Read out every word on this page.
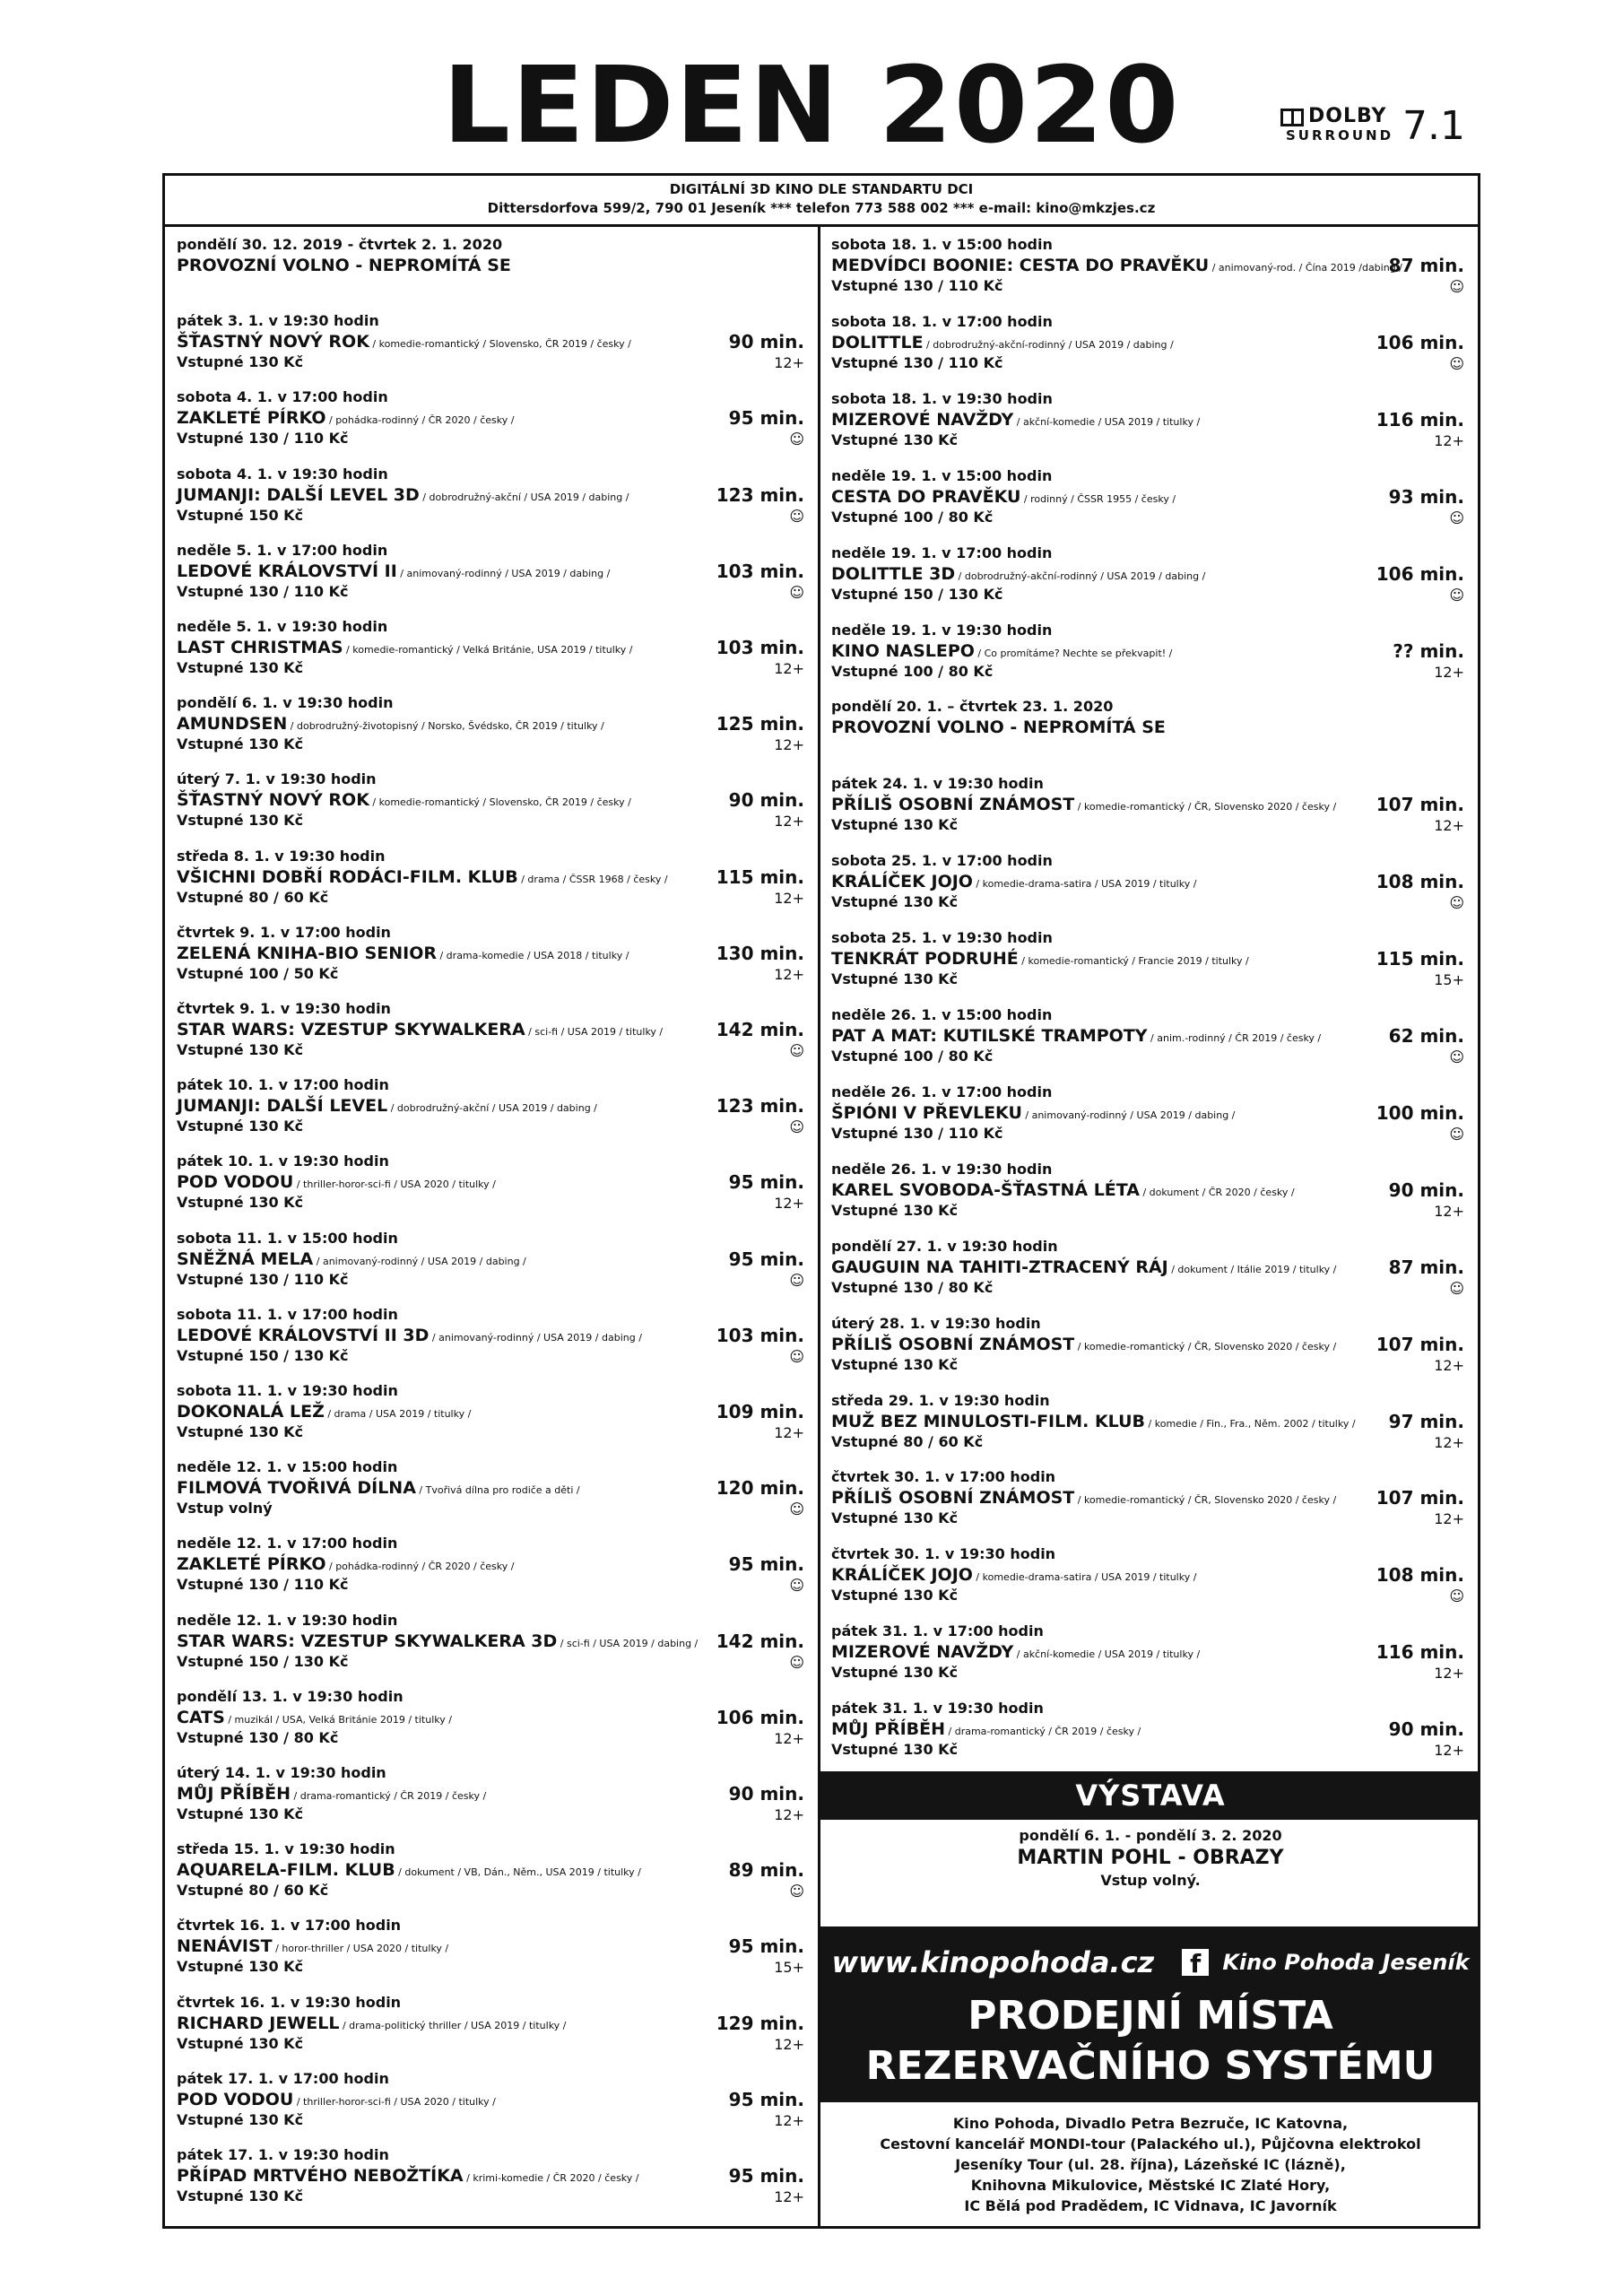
LEDEN 2020	DOLBY
SURROUND 7.1
DIGITÁLNÍ 3D KINO DLE STANDARTU DCI
Dittersdorfova 599/2, 790 01 Jeseník *** telefon 773 588 002 *** e-mail: kino@mkzjes.cz
pondělí 30. 12. 2019 - čtvrtek 2. 1. 2020
PROVOZNÍ VOLNO - NEPROMÍTÁ SE
pátek 3. 1. v 19:30 hodin
ŠŤASTNÝ NOVÝ ROK / komedie-romantický / Slovensko, ČR 2019 / česky /
Vstupné 130 Kč
90 min.
12+
sobota 4. 1. v 17:00 hodin
ZAKLETÉ PÍRKO / pohádka-rodinný / ČR 2020 / česky /
Vstupné 130 / 110 Kč
95 min.
☺
sobota 4. 1. v 19:30 hodin
JUMANJI: DALŠÍ LEVEL 3D / dobrodružný-akční / USA 2019 / dabing /
Vstupné 150 Kč
123 min.
☺
neděle 5. 1. v 17:00 hodin
LEDOVÉ KRÁLOVSTVÍ II / animovaný-rodinný / USA 2019 / dabing /
Vstupné 130 / 110 Kč
103 min.
☺
neděle 5. 1. v 19:30 hodin
LAST CHRISTMAS / komedie-romantický / Velká Británie, USA 2019 / titulky /
Vstupné 130 Kč
103 min.
12+
pondělí 6. 1. v 19:30 hodin
AMUNDSEN / dobrodružný-životopisný / Norsko, Švédsko, ČR 2019 / titulky /
Vstupné 130 Kč
125 min.
12+
úterý 7. 1. v 19:30 hodin
ŠŤASTNÝ NOVÝ ROK / komedie-romantický / Slovensko, ČR 2019 / česky /
Vstupné 130 Kč
90 min.
12+
středa 8. 1. v 19:30 hodin
VŠICHNI DOBŘÍ RODÁCI-FILM. KLUB / drama / ČSSR 1968 / česky /
Vstupné 80 / 60 Kč
115 min.
12+
čtvrtek 9. 1. v 17:00 hodin
ZELENÁ KNIHA-BIO SENIOR / drama-komedie / USA 2018 / titulky /
Vstupné 100 / 50 Kč
130 min.
12+
čtvrtek 9. 1. v 19:30 hodin
STAR WARS: VZESTUP SKYWALKERA / sci-fi / USA 2019 / titulky /
Vstupné 130 Kč
142 min.
☺
pátek 10. 1. v 17:00 hodin
JUMANJI: DALŠÍ LEVEL / dobrodružný-akční / USA 2019 / dabing /
Vstupné 130 Kč
123 min.
☺
pátek 10. 1. v 19:30 hodin
POD VODOU / thriller-horor-sci-fi / USA 2020 / titulky /
Vstupné 130 Kč
95 min.
12+
sobota 11. 1. v 15:00 hodin
SNĚŽNÁ MELA / animovaný-rodinný / USA 2019 / dabing /
Vstupné 130 / 110 Kč
95 min.
☺
sobota 11. 1. v 17:00 hodin
LEDOVÉ KRÁLOVSTVÍ II 3D / animovaný-rodinný / USA 2019 / dabing /
Vstupné 150 / 130 Kč
103 min.
☺
sobota 11. 1. v 19:30 hodin
DOKONALÁ LEŽ / drama / USA 2019 / titulky /
Vstupné 130 Kč
109 min.
12+
neděle 12. 1. v 15:00 hodin
FILMOVÁ TVOŘIVÁ DÍLNA / Tvořivá dílna pro rodiče a děti /
Vstup volný
120 min.
☺
neděle 12. 1. v 17:00 hodin
ZAKLETÉ PÍRKO / pohádka-rodinný / ČR 2020 / česky /
Vstupné 130 / 110 Kč
95 min.
☺
neděle 12. 1. v 19:30 hodin
STAR WARS: VZESTUP SKYWALKERA 3D / sci-fi / USA 2019 / dabing /
Vstupné 150 / 130 Kč
142 min.
☺
pondělí 13. 1. v 19:30 hodin
CATS / muzikál / USA, Velká Británie 2019 / titulky /
Vstupné 130 / 80 Kč
106 min.
12+
úterý 14. 1. v 19:30 hodin
MŮJ PŘÍBĚH / drama-romantický / ČR 2019 / česky /
Vstupné 130 Kč
90 min.
12+
středa 15. 1. v 19:30 hodin
AQUARELA-FILM. KLUB / dokument / VB, Dán., Něm., USA 2019 / titulky /
Vstupné 80 / 60 Kč
89 min.
☺
čtvrtek 16. 1. v 17:00 hodin
NENÁVIST / horor-thriller / USA 2020 / titulky /
Vstupné 130 Kč
95 min.
15+
čtvrtek 16. 1. v 19:30 hodin
RICHARD JEWELL / drama-politický thriller / USA 2019 / titulky /
Vstupné 130 Kč
129 min.
12+
pátek 17. 1. v 17:00 hodin
POD VODOU / thriller-horor-sci-fi / USA 2020 / titulky /
Vstupné 130 Kč
95 min.
12+
pátek 17. 1. v 19:30 hodin
PŘÍPAD MRTVÉHO NEBOŽTÍKA / krimi-komedie / ČR 2020 / česky /
Vstupné 130 Kč
95 min.
12+
sobota 18. 1. v 15:00 hodin
MEDVÍDCI BOONIE: CESTA DO PRAVĚKU / animovaný-rod. / Čína 2019 /dabing /
Vstupné 130 / 110 Kč
87 min.
☺
sobota 18. 1. v 17:00 hodin
DOLITTLE / dobrodružný-akční-rodinný / USA 2019 / dabing /
Vstupné 130 / 110 Kč
106 min.
☺
sobota 18. 1. v 19:30 hodin
MIZEROVÉ NAVŽDY / akční-komedie / USA 2019 / titulky /
Vstupné 130 Kč
116 min.
12+
neděle 19. 1. v 15:00 hodin
CESTA DO PRAVĚKU / rodinný / ČSSR 1955 / česky /
Vstupné 100 / 80 Kč
93 min.
☺
neděle 19. 1. v 17:00 hodin
DOLITTLE 3D / dobrodružný-akční-rodinný / USA 2019 / dabing /
Vstupné 150 / 130 Kč
106 min.
☺
neděle 19. 1. v 19:30 hodin
KINO NASLEPO / Co promítáme? Nechte se překvapit! /
Vstupné 100 / 80 Kč
?? min.
12+
pondělí 20. 1. – čtvrtek 23. 1. 2020
PROVOZNÍ VOLNO - NEPROMÍTÁ SE
pátek 24. 1. v 19:30 hodin
PŘÍLIŠ OSOBNÍ ZNÁMOST / komedie-romantický / ČR, Slovensko 2020 / česky /
Vstupné 130 Kč
107 min.
12+
sobota 25. 1. v 17:00 hodin
KRÁLÍČEK JOJO / komedie-drama-satira / USA 2019 / titulky /
Vstupné 130 Kč
108 min.
☺
sobota 25. 1. v 19:30 hodin
TENKRÁT PODRUHÉ / komedie-romantický / Francie 2019 / titulky /
Vstupné 130 Kč
115 min.
15+
neděle 26. 1. v 15:00 hodin
PAT A MAT: KUTILSKÉ TRAMPOTY / anim.-rodinný / ČR 2019 / česky /
Vstupné 100 / 80 Kč
62 min.
☺
neděle 26. 1. v 17:00 hodin
ŠPIÓNI V PŘEVLEKU / animovaný-rodinný / USA 2019 / dabing /
Vstupné 130 / 110 Kč
100 min.
☺
neděle 26. 1. v 19:30 hodin
KAREL SVOBODA-ŠŤASTNÁ LÉTA / dokument / ČR 2020 / česky /
Vstupné 130 Kč
90 min.
12+
pondělí 27. 1. v 19:30 hodin
GAUGUIN NA TAHITI-ZTRACENÝ RÁJ / dokument / Itálie 2019 / titulky /
Vstupné 130 / 80 Kč
87 min.
☺
úterý 28. 1. v 19:30 hodin
PŘÍLIŠ OSOBNÍ ZNÁMOST / komedie-romantický / ČR, Slovensko 2020 / česky /
Vstupné 130 Kč
107 min.
12+
středa 29. 1. v 19:30 hodin
MUŽ BEZ MINULOSTI-FILM. KLUB / komedie / Fin., Fra., Něm. 2002 / titulky /
Vstupné 80 / 60 Kč
97 min.
12+
čtvrtek 30. 1. v 17:00 hodin
PŘÍLIŠ OSOBNÍ ZNÁMOST / komedie-romantický / ČR, Slovensko 2020 / česky /
Vstupné 130 Kč
107 min.
12+
čtvrtek 30. 1. v 19:30 hodin
KRÁLÍČEK JOJO / komedie-drama-satira / USA 2019 / titulky /
Vstupné 130 Kč
108 min.
☺
pátek 31. 1. v 17:00 hodin
MIZEROVÉ NAVŽDY / akční-komedie / USA 2019 / titulky /
Vstupné 130 Kč
116 min.
12+
pátek 31. 1. v 19:30 hodin
MŮJ PŘÍBĚH / drama-romantický / ČR 2019 / česky /
Vstupné 130 Kč
90 min.
12+
VÝSTAVA
pondělí 6. 1. - pondělí 3. 2. 2020
MARTIN POHL - OBRAZY
Vstup volný.
www.kinopohoda.cz f Kino Pohoda Jeseník
PRODEJNÍ MÍSTA
REZERVAČNÍHO SYSTÉMU
Kino Pohoda, Divadlo Petra Bezruče, IC Katovna,
Cestovní kancelář MONDI-tour (Palackého ul.), Půjčovna elektrokol
Jeseníky Tour (ul. 28. října), Lázeňské IC (lázně),
Knihovna Mikulovice, Městské IC Zlaté Hory,
IC Bělá pod Pradědem, IC Vidnava, IC Javorník
